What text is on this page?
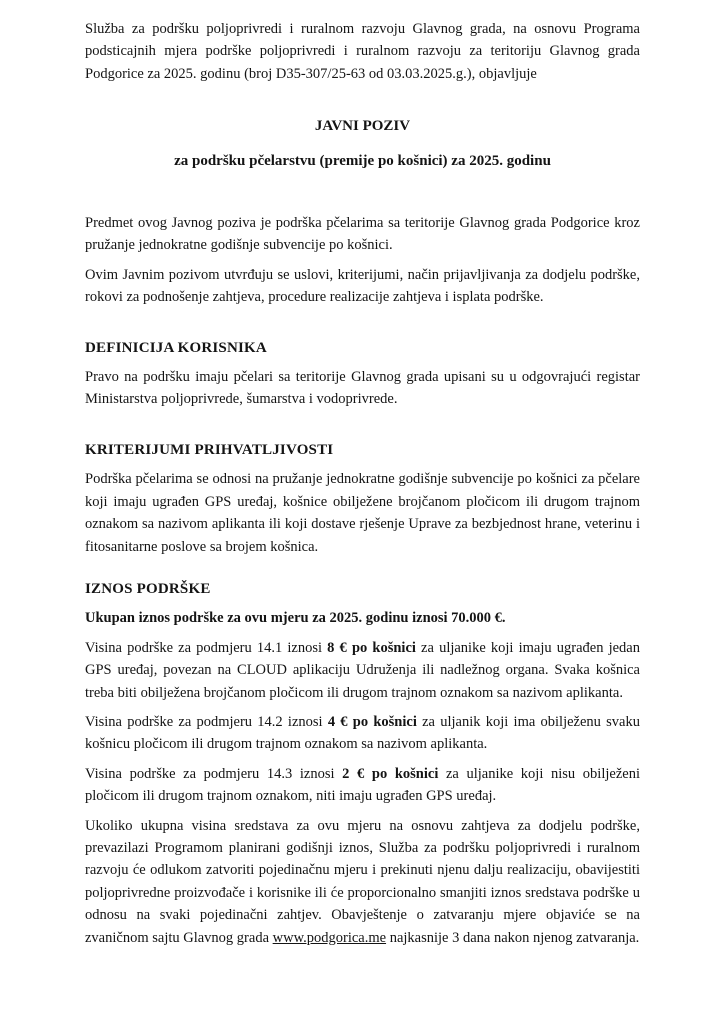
Služba za podršku poljoprivredi i ruralnom razvoju Glavnog grada, na osnovu Programa podsticajnih mjera podrške poljoprivredi i ruralnom razvoju za teritoriju Glavnog grada Podgorice za 2025. godinu (broj D35-307/25-63 od 03.03.2025.g.), objavljuje

JAVNI POZIV
za podršku pčelarstvu (premije po košnici) za 2025. godinu

Predmet ovog Javnog poziva je podrška pčelarima sa teritorije Glavnog grada Podgorice kroz pružanje jednokratne godišnje subvencije po košnici.

Ovim Javnim pozivom utvrđuju se uslovi, kriterijumi, način prijavljivanja za dodjelu podrške, rokovi za podnošenje zahtjeva, procedure realizacije zahtjeva i isplata podrške.

DEFINICIJA KORISNIKA

Pravo na podršku imaju pčelari sa teritorije Glavnog grada upisani su u odgovrajući registar Ministarstva poljoprivrede, šumarstva i vodoprivrede.

KRITERIJUMI PRIHVATLJIVOSTI

Podrška pčelarima se odnosi na pružanje jednokratne godišnje subvencije po košnici za pčelare koji imaju ugrađen GPS uređaj, košnice obilježene brojčanom pločicom ili drugom trajnom oznakom sa nazivom aplikanta ili koji dostave rješenje Uprave za bezbjednost hrane, veterinu i fitosanitarne poslove sa brojem košnica.

IZNOS PODRŠKE

Ukupan iznos podrške za ovu mjeru za 2025. godinu iznosi 70.000 €.

Visina podrške za podmjeru 14.1 iznosi 8 € po košnici za uljanike koji imaju ugrađen jedan GPS uređaj, povezan na CLOUD aplikaciju Udruženja ili nadležnog organa. Svaka košnica treba biti obilježena brojčanom pločicom ili drugom trajnom oznakom sa nazivom aplikanta.

Visina podrške za podmjeru 14.2 iznosi 4 € po košnici za uljanik koji ima obilježenu svaku košnicu pločicom ili drugom trajnom oznakom sa nazivom aplikanta.

Visina podrške za podmjeru 14.3 iznosi 2 € po košnici za uljanike koji nisu obilježeni pločicom ili drugom trajnom oznakom, niti imaju ugrađen GPS uređaj.

Ukoliko ukupna visina sredstava za ovu mjeru na osnovu zahtjeva za dodjelu podrške, prevazilazi Programom planirani godišnji iznos, Služba za podršku poljoprivredi i ruralnom razvoju će odlukom zatvoriti pojedinačnu mjeru i prekinuti njenu dalju realizaciju, obavijestiti poljoprivredne proizvođače i korisnike ili će proporcionalno smanjiti iznos sredstava podrške u odnosu na svaki pojedinačni zahtjev. Obavještenje o zatvaranju mjere objaviće se na zvaničnom sajtu Glavnog grada www.podgorica.me najkasnije 3 dana nakon njenog zatvaranja.
